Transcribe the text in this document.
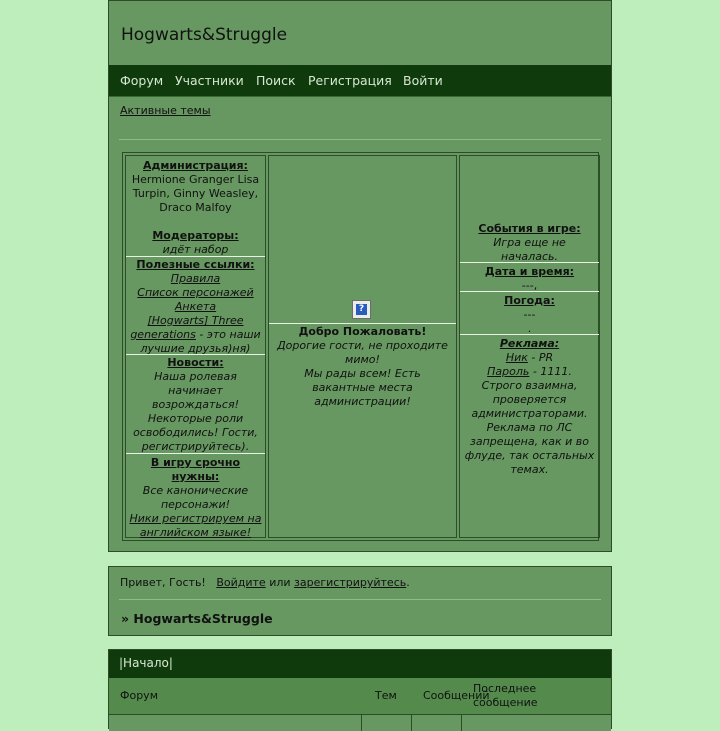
Hogwarts&Struggle
Форум Участники Поиск Регистрация Войти
Активные темы
Администрация:
Hermione Granger Lisa Turpin, Ginny Weasley, Draco Malfoy
Модераторы:
идёт набор
Полезные ссылки:
Правила
Список персонажей
Анкета
[Hogwarts] Three generations - это наши лучшие друзья)ня)
Новости:
Наша ролевая начинает возрождаться! Некоторые роли освободились! Гости, регистрируйтесь).
В игру срочно нужны:
Все канонические персонажи!
Ники регистрируем на английском языке!
?
Добро Пожаловать!
Дорогие гости, не проходите мимо!
Мы рады всем! Есть вакантные места администрации!
События в игре:
Игра еще не началась.
Дата и время:
---,
Погода:
---
.
Реклама:
Ник - PR
Пароль - 1111.
Строго взаимна, проверяется администраторами. Реклама по ЛС запрещена, как и во флуде, так остальных темах.
Привет, Гость! Войдите или зарегистрируйтесь.
» Hogwarts&Struggle
|Начало|
Форум	Тем Сообщений
Последнее сообщение
